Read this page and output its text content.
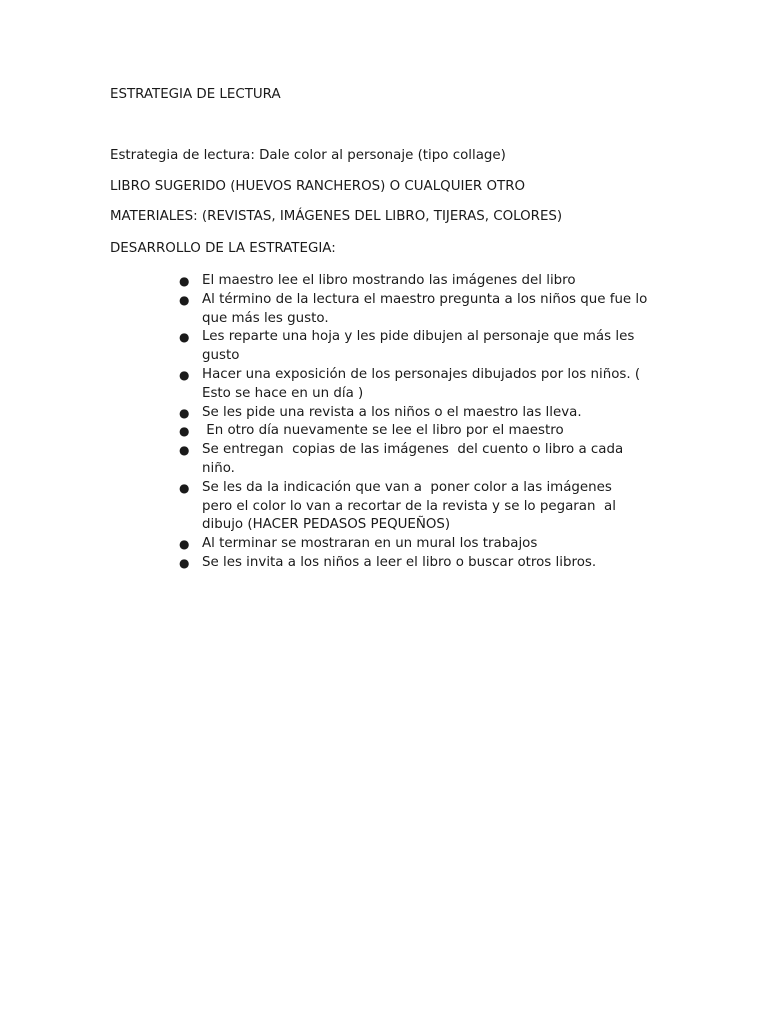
ESTRATEGIA DE LECTURA
Estrategia de lectura: Dale color al personaje (tipo collage)
LIBRO SUGERIDO (HUEVOS RANCHEROS) O CUALQUIER OTRO
MATERIALES: (REVISTAS, IMÁGENES DEL LIBRO, TIJERAS, COLORES)
DESARROLLO DE LA ESTRATEGIA:
● El maestro lee el libro mostrando las imágenes del libro
● Al término de la lectura el maestro pregunta a los niños que fue lo
que más les gusto.
● Les reparte una hoja y les pide dibujen al personaje que más les
gusto
● Hacer una exposición de los personajes dibujados por los niños. (
Esto se hace en un día )
● Se les pide una revista a los niños o el maestro las lleva.
● En otro día nuevamente se lee el libro por el maestro
● Se entregan  copias de las imágenes  del cuento o libro a cada
niño.
● Se les da la indicación que van a  poner color a las imágenes
pero el color lo van a recortar de la revista y se lo pegaran  al
dibujo (HACER PEDASOS PEQUEÑOS)
● Al terminar se mostraran en un mural los trabajos
● Se les invita a los niños a leer el libro o buscar otros libros.
